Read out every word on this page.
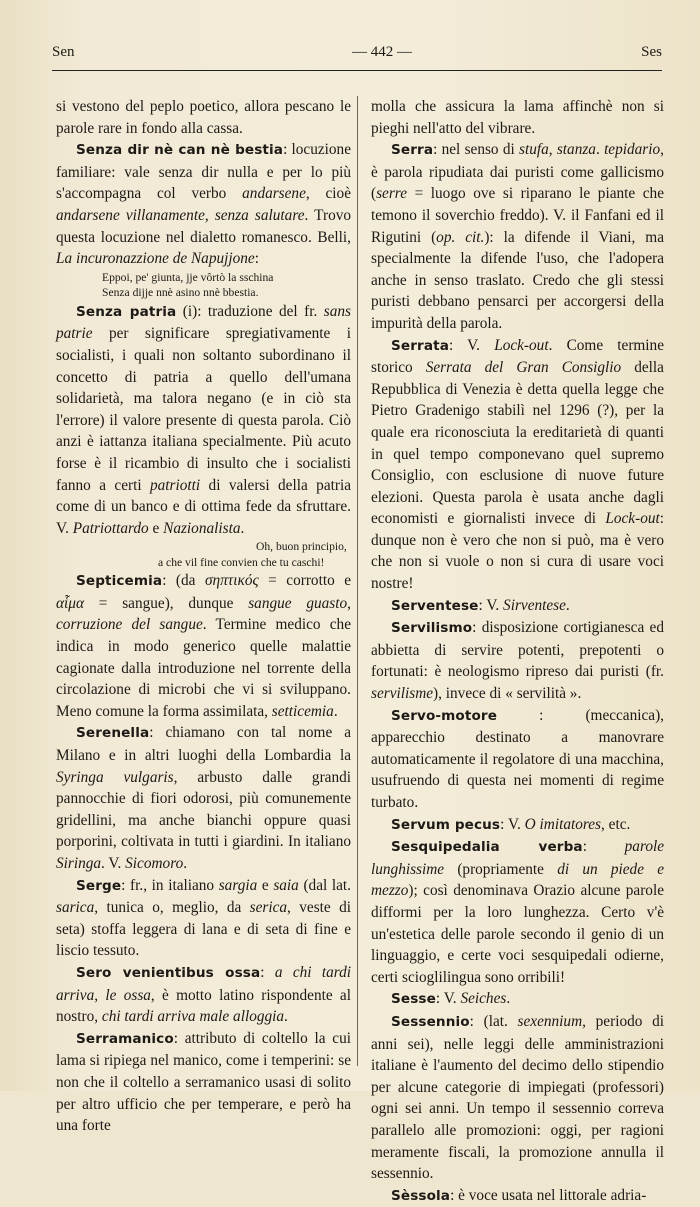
Sen	— 442 —	Ses

si vestono del peplo poetico, allora pescano le parole rare in fondo alla cassa.

Senza dir nè can nè bestia: locuzione familiare: vale senza dir nulla e per lo più s'accompagna col verbo andarsene, cioè andarsene villanamente, senza salutare. Trovo questa locuzione nel dialetto romanesco. Belli, La incuronazzione de Napujjone:

Eppoi, pe' giunta, jje vôrtò la sschina

Senza dijje nnè asino nnè bbestia.

Senza patria (i): traduzione del fr. sans patrie per significare spregiativamente i socialisti, i quali non soltanto subordinano il concetto di patria a quello dell'umana solidarietà, ma talora negano (e in ciò sta l'errore) il valore presente di questa parola. Ciò anzi è iattanza italiana specialmente. Più acuto forse è il ricambio di insulto che i socialisti fanno a certi patriotti di valersi della patria come di un banco e di ottima fede da sfruttare. V. Patriottardo e Nazionalista.

Oh, buon principio,

a che vil fine convien che tu caschi!

Septicemia: (da σηπτικός = corrotto e αἷμα = sangue), dunque sangue guasto, corruzione del sangue. Termine medico che indica in modo generico quelle malattie cagionate dalla introduzione nel torrente della circolazione di microbi che vi si sviluppano. Meno comune la forma assimilata, setticemia.

Serenella: chiamano con tal nome a Milano e in altri luoghi della Lombardia la Syringa vulgaris, arbusto dalle grandi pannocchie di fiori odorosi, più comunemente gridellini, ma anche bianchi oppure quasi porporini, coltivata in tutti i giardini. In italiano Siringa. V. Sicomoro.

Serge: fr., in italiano sargia e saia (dal lat. sarica, tunica o, meglio, da serica, veste di seta) stoffa leggera di lana e di seta di fine e liscio tessuto.

Sero venientibus ossa: a chi tardi arriva, le ossa, è motto latino rispondente al nostro, chi tardi arriva male alloggia.

Serramanico: attributo di coltello la cui lama si ripiega nel manico, come i temperini: se non che il coltello a serramanico usasi di solito per altro ufficio che per temperare, e però ha una forte

molla che assicura la lama affinchè non si pieghi nell'atto del vibrare.

Serra: nel senso di stufa, stanza. tepidario, è parola ripudiata dai puristi come gallicismo (serre = luogo ove si riparano le piante che temono il soverchio freddo). V. il Fanfani ed il Rigutini (op. cit.): la difende il Viani, ma specialmente la difende l'uso, che l'adopera anche in senso traslato. Credo che gli stessi puristi debbano pensarci per accorgersi della impurità della parola.

Serrata: V. Lock-out. Come termine storico Serrata del Gran Consiglio della Repubblica di Venezia è detta quella legge che Pietro Gradenigo stabilì nel 1296 (?), per la quale era riconosciuta la ereditarietà di quanti in quel tempo componevano quel supremo Consiglio, con esclusione di nuove future elezioni. Questa parola è usata anche dagli economisti e giornalisti invece di Lock-out: dunque non è vero che non si può, ma è vero che non si vuole o non si cura di usare voci nostre!

Serventese: V. Sirventese.

Servilismo: disposizione cortigianesca ed abbietta di servire potenti, prepotenti o fortunati: è neologismo ripreso dai puristi (fr. servilisme), invece di « servilità ».

Servo-motore : (meccanica), apparecchio destinato a manovrare automaticamente il regolatore di una macchina, usufruendo di questa nei momenti di regime turbato.

Servum pecus: V. O imitatores, etc.

Sesquipedalia verba: parole lunghissime (propriamente di un piede e mezzo); così denominava Orazio alcune parole difformi per la loro lunghezza. Certo v'è un'estetica delle parole secondo il genio di un linguaggio, e certe voci sesquipedali odierne, certi scioglilingua sono orribili!

Sesse: V. Seiches.

Sessennio: (lat. sexennium, periodo di anni sei), nelle leggi delle amministrazioni italiane è l'aumento del decimo dello stipendio per alcune categorie di impiegati (professori) ogni sei anni. Un tempo il sessennio correva parallelo alle promozioni: oggi, per ragioni meramente fiscali, la promozione annulla il sessennio.

Sèssola: è voce usata nel littorale adria-
